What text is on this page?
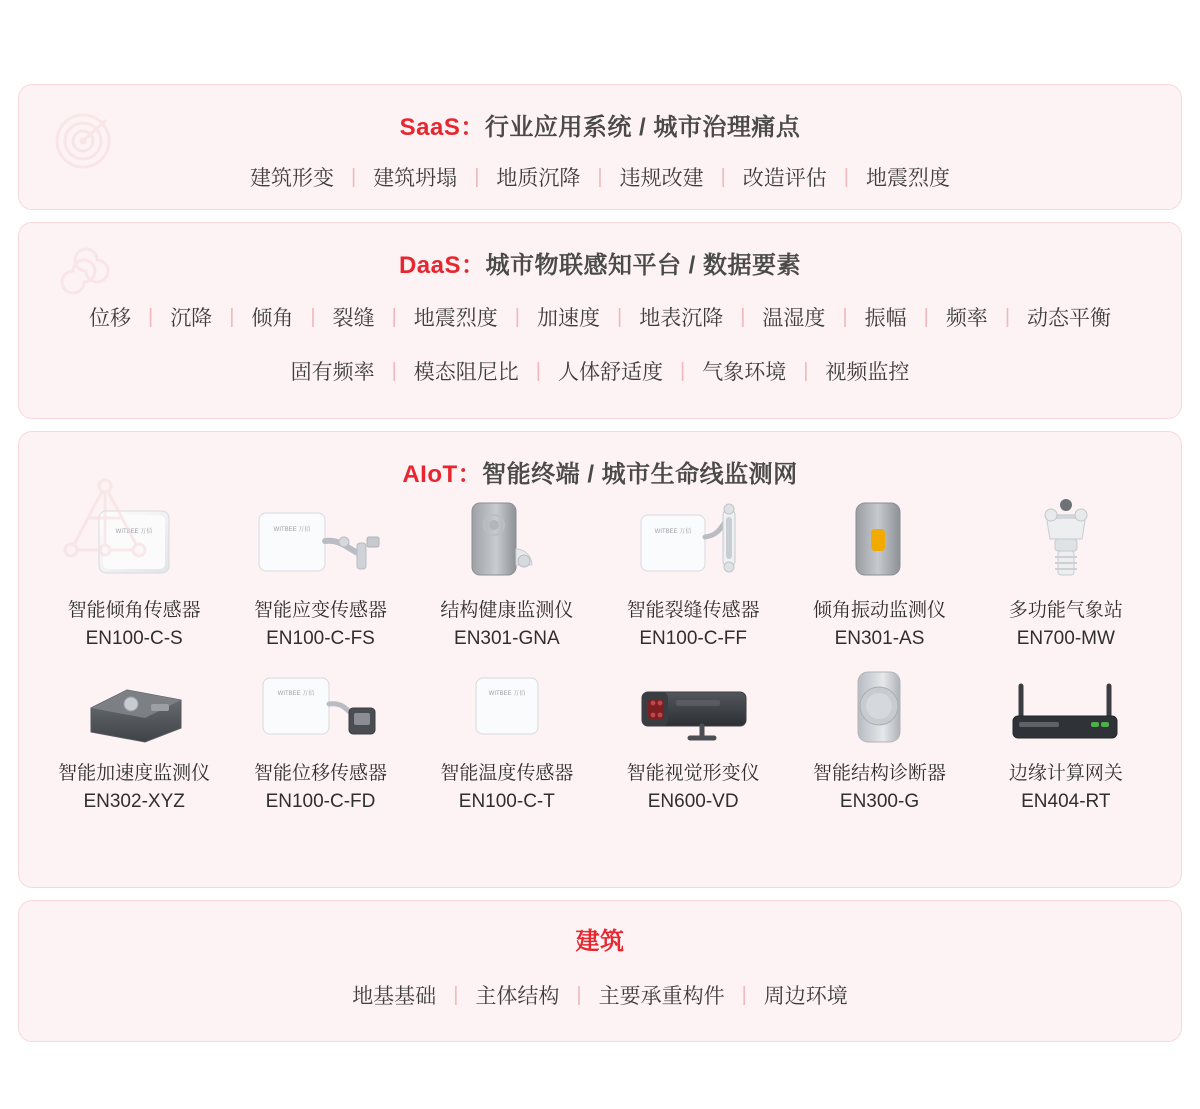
SaaS：行业应用系统 / 城市治理痛点
建筑形变 | 建筑坍塌 | 地质沉降 | 违规改建 | 改造评估 | 地震烈度
DaaS：城市物联感知平台 / 数据要素
位移 | 沉降 | 倾角 | 裂缝 | 地震烈度 | 加速度 | 地表沉降 | 温湿度 | 振幅 | 频率 | 动态平衡
固有频率 | 模态阻尼比 | 人体舒适度 | 气象环境 | 视频监控
AIoT：智能终端 / 城市生命线监测网
WITBEE 万佰
智能倾角传感器
EN100-C-S
WITBEE 万佰
智能应变传感器
EN100-C-FS
结构健康监测仪
EN301-GNA
WITBEE 万佰
智能裂缝传感器
EN100-C-FF
倾角振动监测仪
EN301-AS
多功能气象站
EN700-MW
智能加速度监测仪
EN302-XYZ
WITBEE 万佰
智能位移传感器
EN100-C-FD
WITBEE 万佰
智能温度传感器
EN100-C-T
智能视觉形变仪
EN600-VD
智能结构诊断器
EN300-G
边缘计算网关
EN404-RT
建筑
地基基础 | 主体结构 | 主要承重构件 | 周边环境
